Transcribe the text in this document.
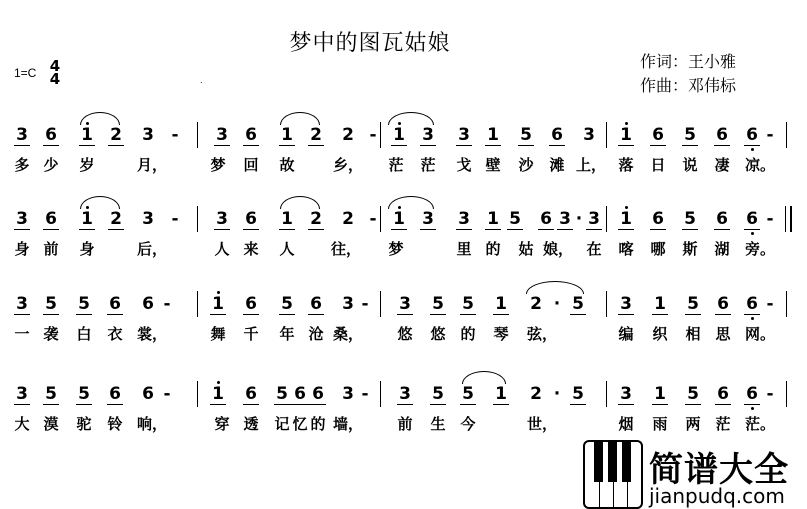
梦中的图瓦姑娘
作词：王小雅
作曲：邓伟标
1=C 4
4	.
3 6 1 2 3 - 3 6 1 2 2 - 1 3 3 1 5 6 3 1 6 5 6 6 -
多 少 岁	月，	梦 回 故	乡， 茫 茫 戈 壁 沙 滩 上， 落 日 说 凄 凉。
3 6 1 2 3 - 3 6 1 2 2 - 1 3 3 1 5 6 3 · 3 1 6 5 6 6 -
身 前 身	后，	人 来 人 往， 梦	里 的 姑 娘， 在 喀 哪 斯 湖 旁。
3 5 5 6 6 - 1 6 5 6 3 - 3 5 5 1 2 · 5 3 1 5 6 6 -
一 袭 白 衣 裳，	舞 千 年 沧 桑， 悠 悠 的 琴 弦，	编 织 相 思 网。
3 5 5 6 6 - 1 6 5 6 6 3 - 3 5 5 1 2 · 5 3 1 5 6 6 -
大 漠 驼 铃 响，	穿 透 记 忆 的 墙， 前 生 今	世，	烟 雨 两 茫 茫。
简谱大全
jianpudq.com
